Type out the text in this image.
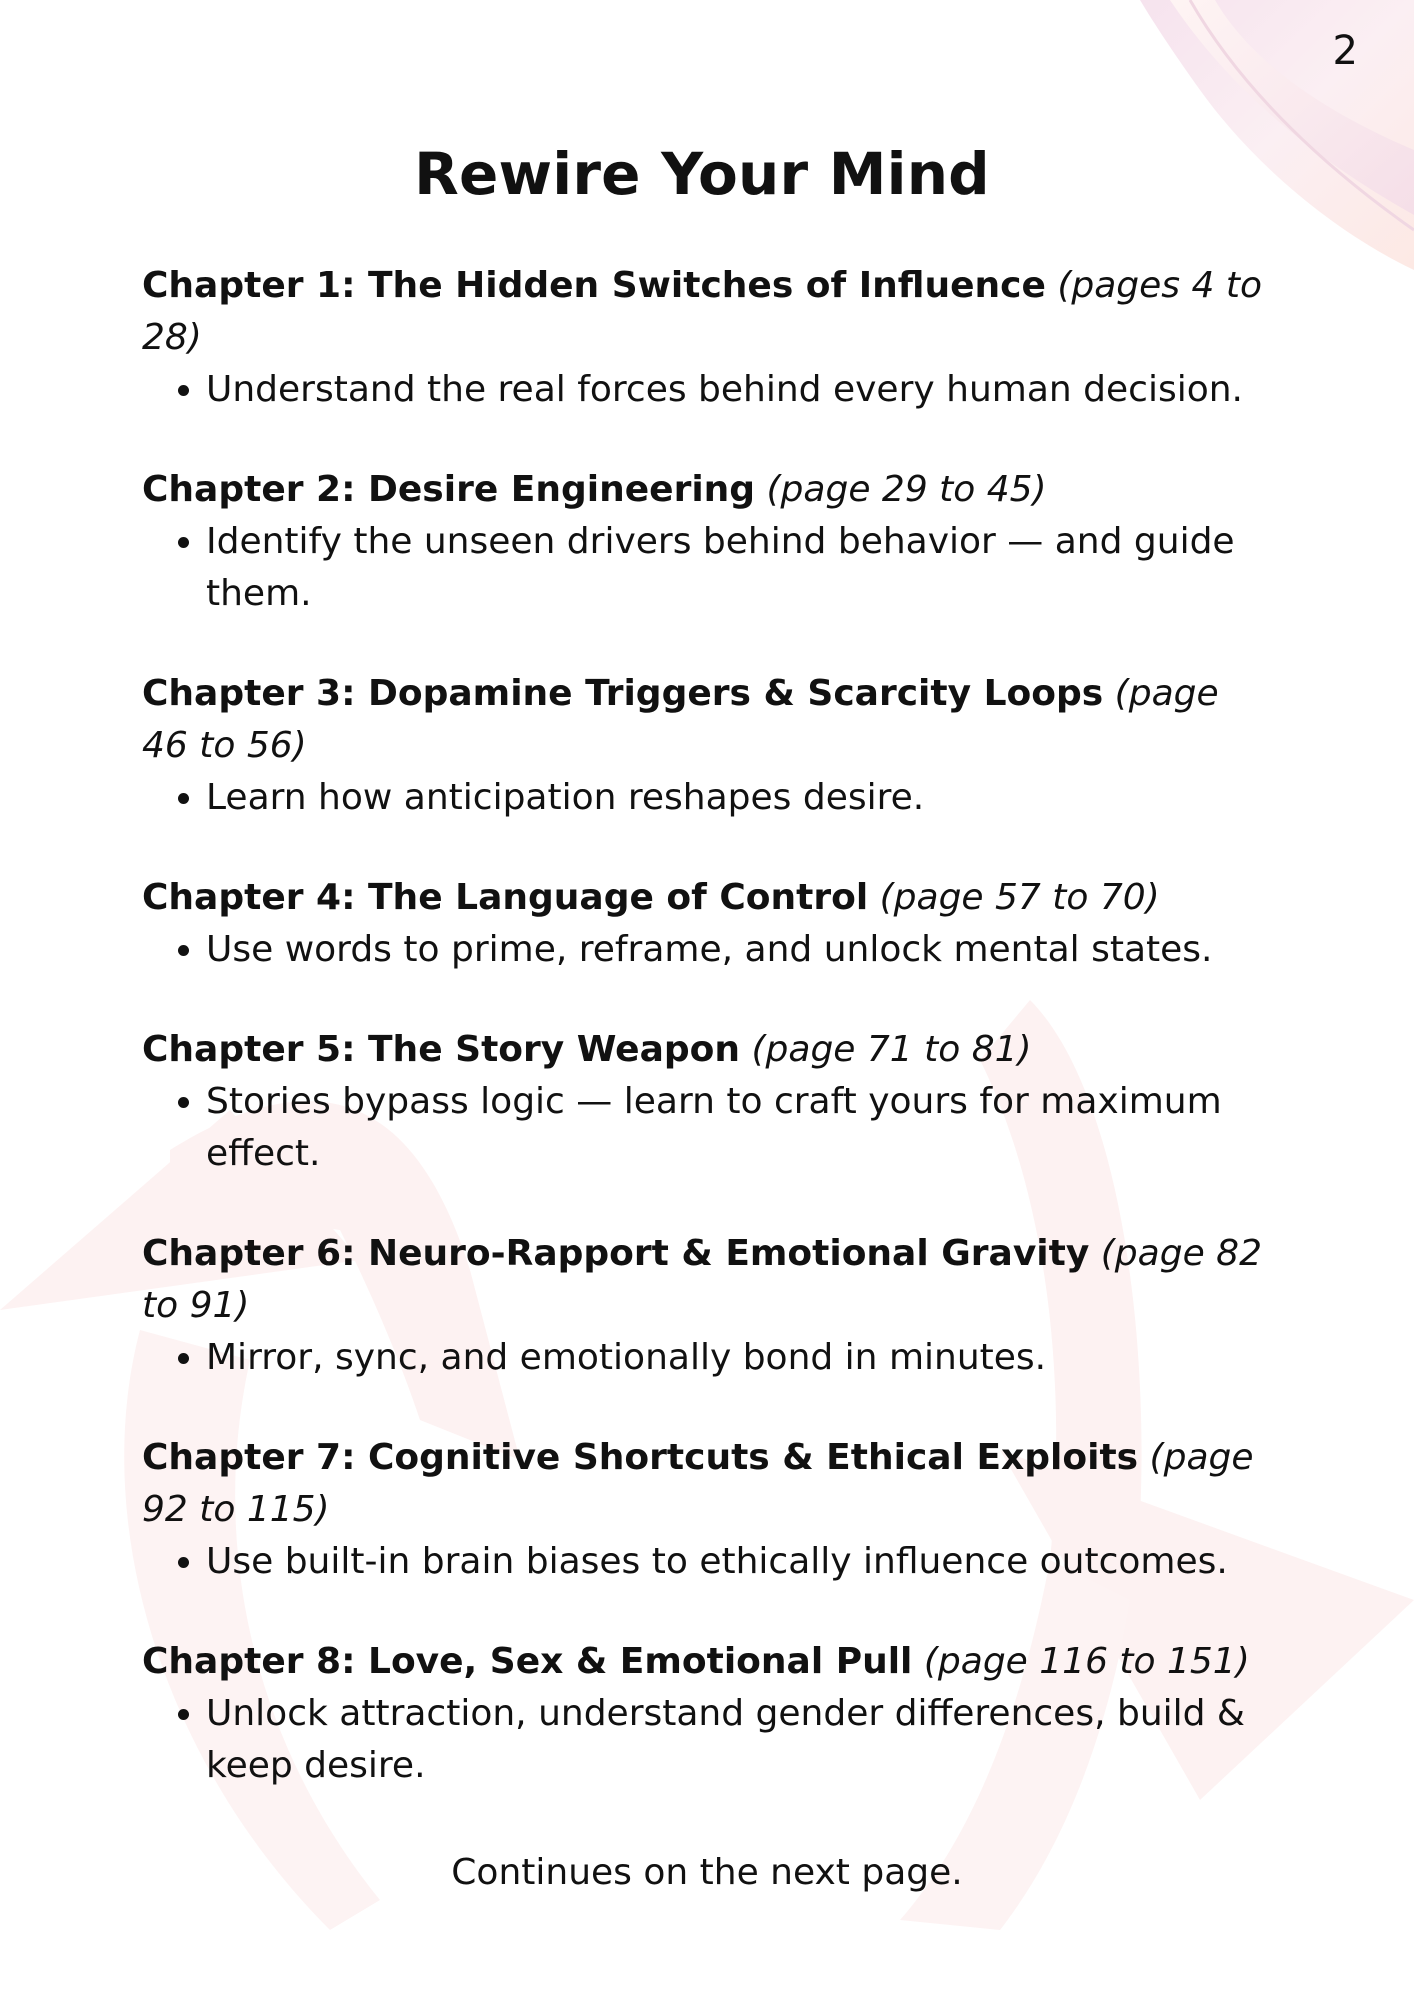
2
Rewire Your Mind

Chapter 1: The Hidden Switches of Influence (pages 4 to 28)

• Understand the real forces behind every human decision.

Chapter 2: Desire Engineering (page 29 to 45)

• Identify the unseen drivers behind behavior — and guide them.

Chapter 3: Dopamine Triggers & Scarcity Loops (page 46 to 56)

• Learn how anticipation reshapes desire.

Chapter 4: The Language of Control (page 57 to 70)

• Use words to prime, reframe, and unlock mental states.

Chapter 5: The Story Weapon (page 71 to 81)

• Stories bypass logic — learn to craft yours for maximum effect.

Chapter 6: Neuro-Rapport & Emotional Gravity (page 82 to 91)

• Mirror, sync, and emotionally bond in minutes.

Chapter 7: Cognitive Shortcuts & Ethical Exploits (page 92 to 115)

• Use built-in brain biases to ethically influence outcomes.

Chapter 8: Love, Sex & Emotional Pull (page 116 to 151)

• Unlock attraction, understand gender differences, build & keep desire.
Continues on the next page.
